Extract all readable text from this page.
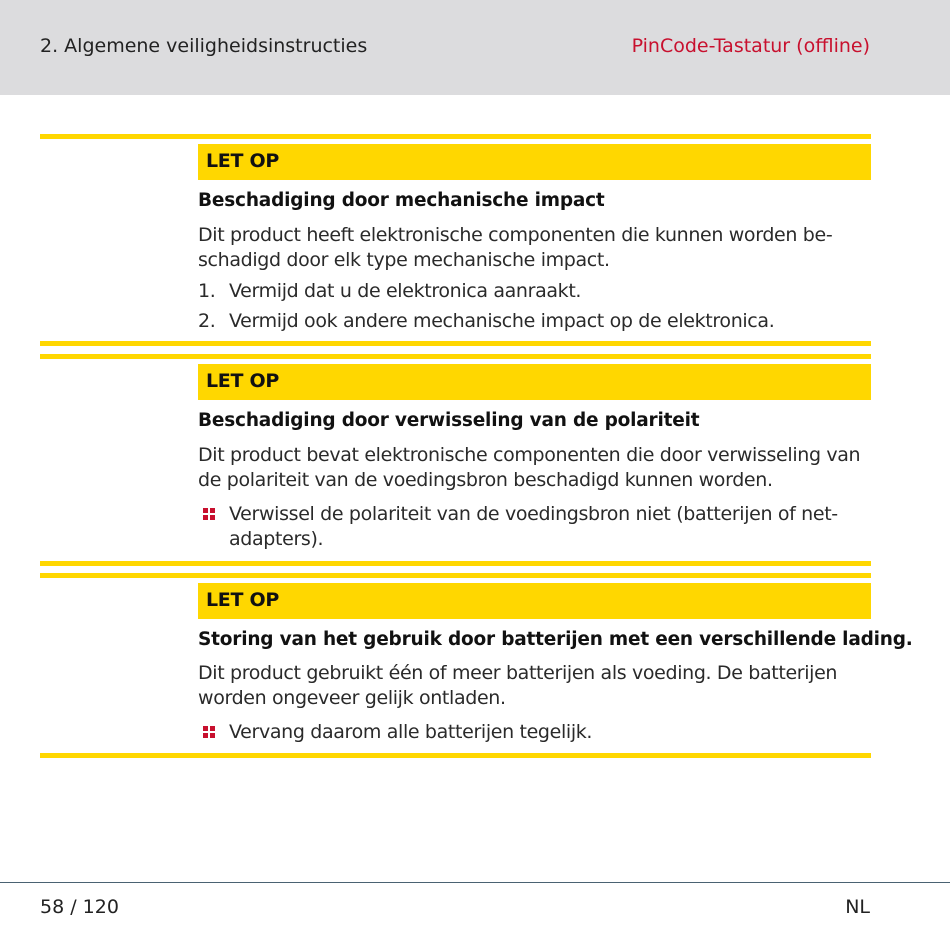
2. Algemene veiligheidsinstructies	PinCode-Tastatur (offline)
LET OP
Beschadiging door mechanische impact
Dit product heeft elektronische componenten die kunnen worden be-schadigd door elk type mechanische impact.
1. Vermijd dat u de elektronica aanraakt.
2. Vermijd ook andere mechanische impact op de elektronica.
LET OP
Beschadiging door verwisseling van de polariteit
Dit product bevat elektronische componenten die door verwisseling van de polariteit van de voedingsbron beschadigd kunnen worden.
Verwissel de polariteit van de voedingsbron niet (batterijen of net-adapters).
LET OP
Storing van het gebruik door batterijen met een verschillende lading.
Dit product gebruikt één of meer batterijen als voeding. De batterijen worden ongeveer gelijk ontladen.
Vervang daarom alle batterijen tegelijk.
58 / 120	NL
